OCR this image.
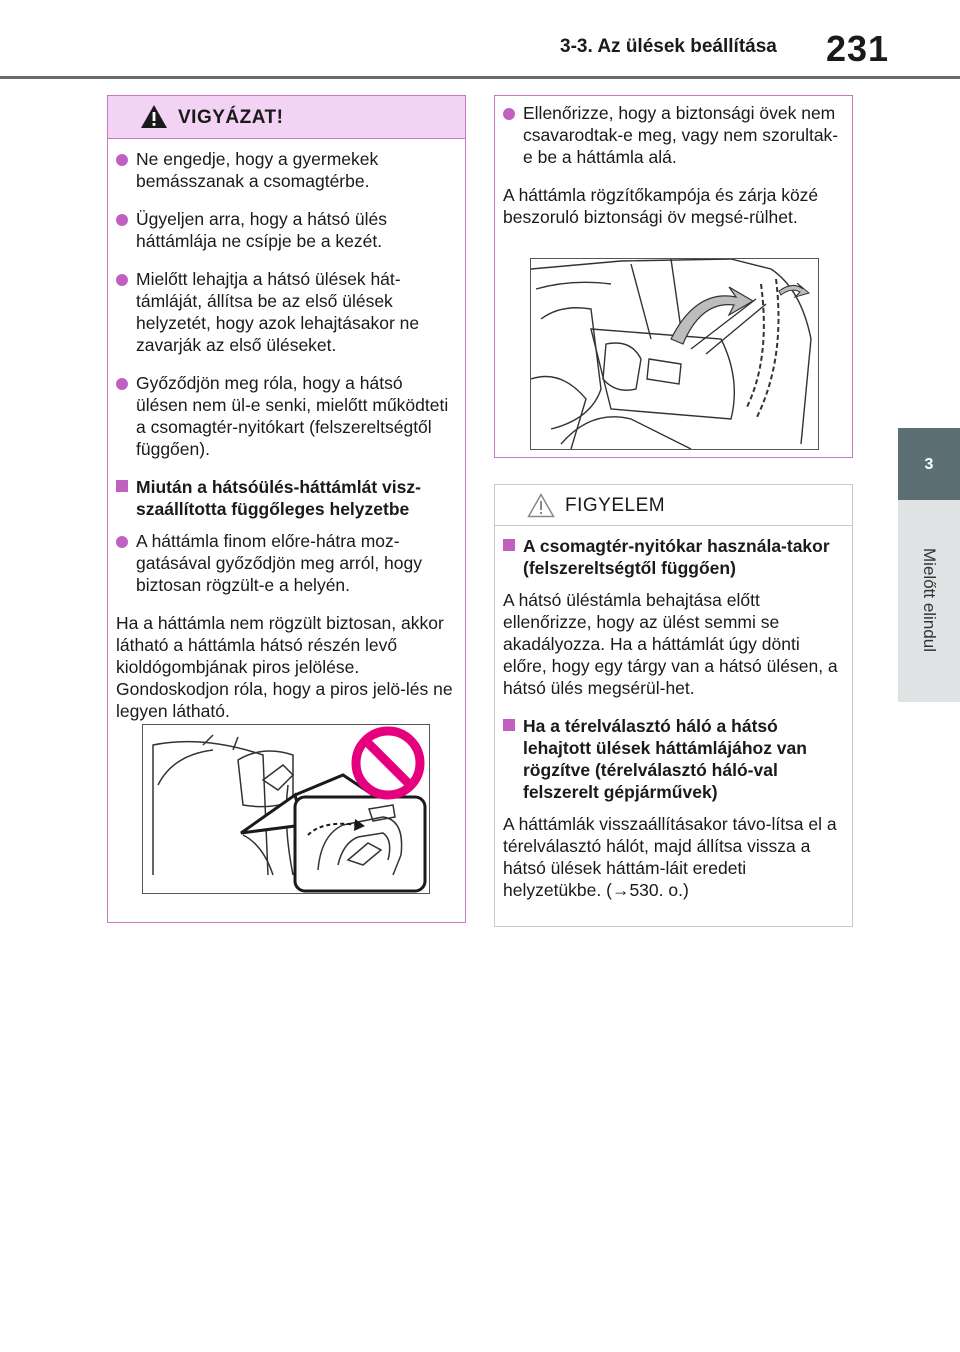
3-3. Az ülések beállítása 231
3
Mielőtt elindul
VIGYÁZAT!
Ne engedje, hogy a gyermekek bemásszanak a csomagtérbe.
Ügyeljen arra, hogy a hátsó ülés háttámlája ne csípje be a kezét.
Mielőtt lehajtja a hátsó ülések hát-támláját, állítsa be az első ülések helyzetét, hogy azok lehajtásakor ne zavarják az első üléseket.
Győződjön meg róla, hogy a hátsó ülésen nem ül-e senki, mielőtt működteti a csomagtér-nyitókart (felszereltségtől függően).
Miután a hátsóülés-háttámlát visz-szaállította függőleges helyzetbe
A háttámla finom előre-hátra moz-gatásával győződjön meg arról, hogy biztosan rögzült-e a helyén.
Ha a háttámla nem rögzült biztosan, akkor látható a háttámla hátsó részén levő kioldógombjának piros jelölése. Gondoskodjon róla, hogy a piros jelö-lés ne legyen látható.
Ellenőrizze, hogy a biztonsági övek nem csavarodtak-e meg, vagy nem szorultak-e be a háttámla alá.
A háttámla rögzítőkampója és zárja közé beszoruló biztonsági öv megsé-rülhet.
FIGYELEM
A csomagtér-nyitókar használa-takor (felszereltségtől függően)
A hátsó üléstámla behajtása előtt ellenőrizze, hogy az ülést semmi se akadályozza. Ha a háttámlát úgy dönti előre, hogy egy tárgy van a hátsó ülésen, a hátsó ülés megsérül-het.
Ha a térelválasztó háló a hátsó lehajtott ülések háttámlájához van rögzítve (térelválasztó háló-val felszerelt gépjárművek)
A háttámlák visszaállításakor távo-lítsa el a térelválasztó hálót, majd állítsa vissza a hátsó ülések háttám-láit eredeti helyzetükbe. (→530. o.)
